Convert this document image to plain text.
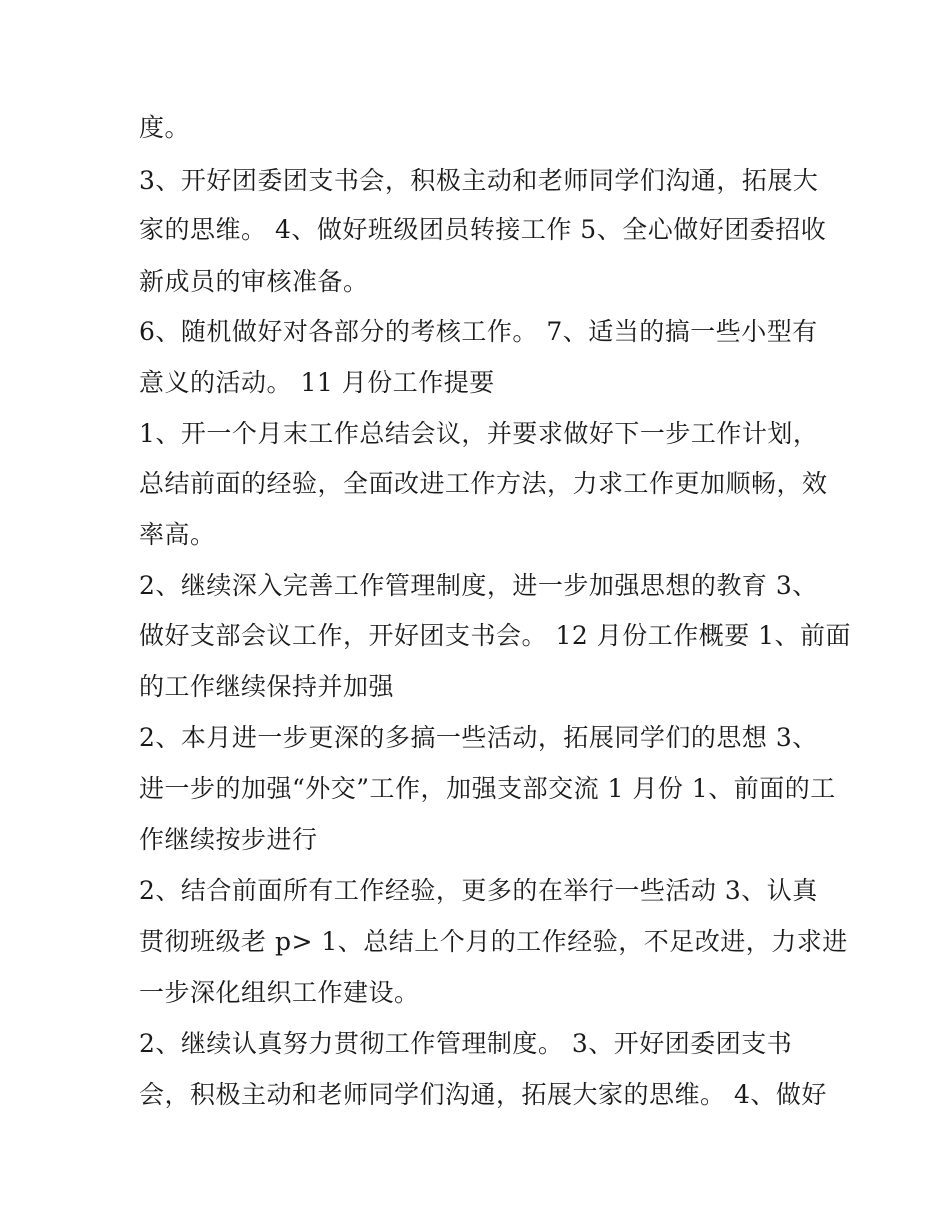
度。
3、开好团委团支书会，积极主动和老师同学们沟通，拓展大
家的思维。 4、做好班级团员转接工作 5、全心做好团委招收
新成员的审核准备。
6、随机做好对各部分的考核工作。 7、适当的搞一些小型有
意义的活动。 11 月份工作提要
1、开一个月末工作总结会议，并要求做好下一步工作计划，
总结前面的经验，全面改进工作方法，力求工作更加顺畅，效
率高。
2、继续深入完善工作管理制度，进一步加强思想的教育 3、
做好支部会议工作，开好团支书会。 12 月份工作概要 1、前面
的工作继续保持并加强
2、本月进一步更深的多搞一些活动，拓展同学们的思想 3、
进一步的加强“外交”工作，加强支部交流 1 月份 1、前面的工
作继续按步进行
2、结合前面所有工作经验，更多的在举行一些活动 3、认真
贯彻班级老 p> 1、总结上个月的工作经验，不足改进，力求进
一步深化组织工作建设。
2、继续认真努力贯彻工作管理制度。 3、开好团委团支书
会，积极主动和老师同学们沟通，拓展大家的思维。 4、做好
